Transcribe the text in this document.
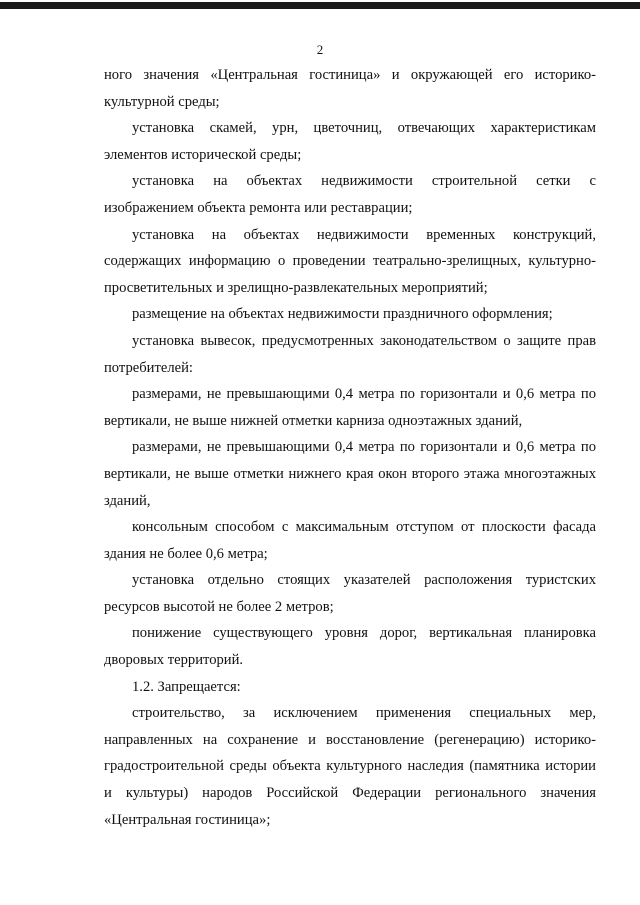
2

ного значения «Центральная гостиница» и окружающей его историко-культурной среды;

установка скамей, урн, цветочниц, отвечающих характеристикам элементов исторической среды;

установка на объектах недвижимости строительной сетки с изображением объекта ремонта или реставрации;

установка на объектах недвижимости временных конструкций, содержащих информацию о проведении театрально-зрелищных, культурно-просветительных и зрелищно-развлекательных мероприятий;

размещение на объектах недвижимости праздничного оформления;

установка вывесок, предусмотренных законодательством о защите прав потребителей:

размерами, не превышающими 0,4 метра по горизонтали и 0,6 метра по вертикали, не выше нижней отметки карниза одноэтажных зданий,

размерами, не превышающими 0,4 метра по горизонтали и 0,6 метра по вертикали, не выше отметки нижнего края окон второго этажа многоэтажных зданий,

консольным способом с максимальным отступом от плоскости фасада здания не более 0,6 метра;

установка отдельно стоящих указателей расположения туристских ресурсов высотой не более 2 метров;

понижение существующего уровня дорог, вертикальная планировка дворовых территорий.

1.2. Запрещается:

строительство, за исключением применения специальных мер, направленных на сохранение и восстановление (регенерацию) историко-градостроительной среды объекта культурного наследия (памятника истории и культуры) народов Российской Федерации регионального значения «Центральная гостиница»;
